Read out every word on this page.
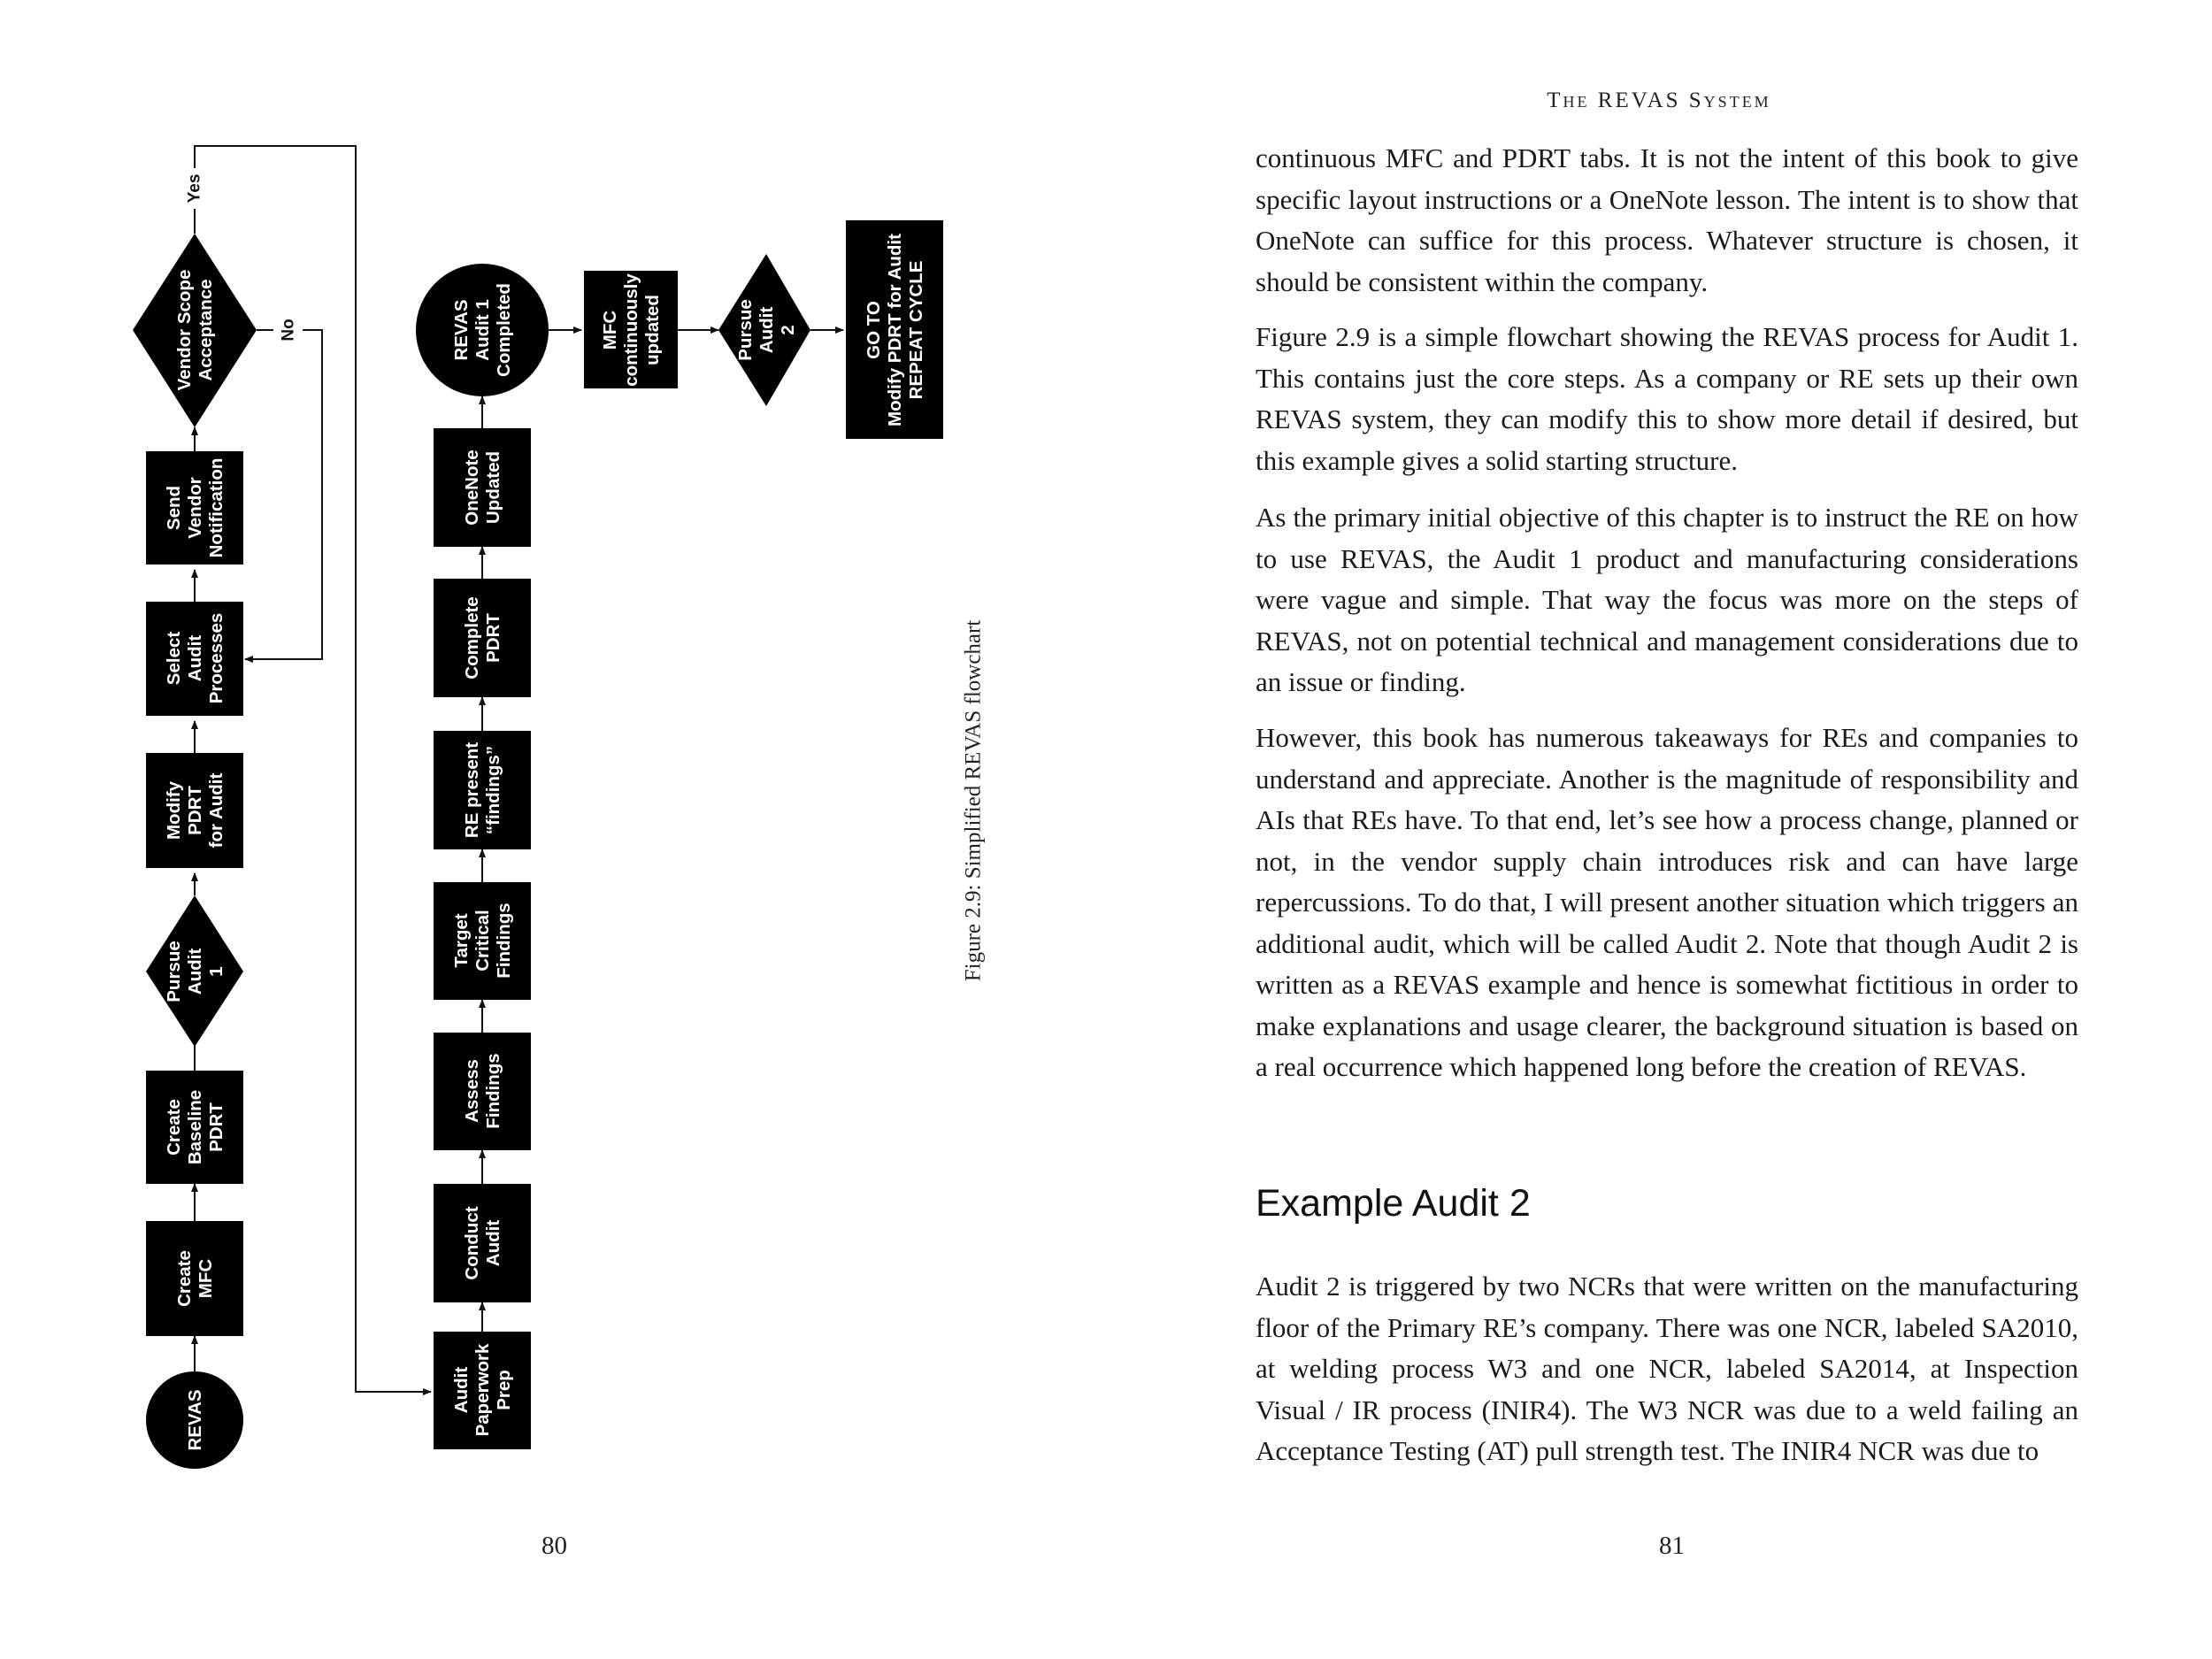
REVAS
CreateMFC
CreateBaselinePDRT
PursueAudit1
ModifyPDRTfor Audit
SelectAuditProcesses
SendVendorNotification
Vendor ScopeAcceptance
AuditPaperworkPrep
ConductAudit
AssessFindings
TargetCriticalFindings
RE present“findings”
CompletePDRT
OneNoteUpdated
REVASAudit 1Completed	MFCcontinuouslyupdated	PursueAudit2	GO TOModify PDRT for AuditREPEAT CYCLE
Yes
No
Figure 2.9: Simplified REVAS flowchart
80
The REVAS System

continuous MFC and PDRT tabs. It is not the intent of this book to give specific layout instructions or a OneNote lesson. The intent is to show that OneNote can suffice for this process. Whatever structure is chosen, it should be consistent within the company.

Figure 2.9 is a simple flowchart showing the REVAS process for Audit 1. This contains just the core steps. As a company or RE sets up their own REVAS system, they can modify this to show more detail if desired, but this example gives a solid starting structure.

As the primary initial objective of this chapter is to instruct the RE on how to use REVAS, the Audit 1 product and manufacturing considerations were vague and simple. That way the focus was more on the steps of REVAS, not on potential technical and management considerations due to an issue or finding.

However, this book has numerous takeaways for REs and companies to understand and appreciate. Another is the magnitude of responsibility and AIs that REs have. To that end, let’s see how a process change, planned or not, in the vendor supply chain introduces risk and can have large repercussions. To do that, I will present another situation which triggers an additional audit, which will be called Audit 2. Note that though Audit 2 is written as a REVAS example and hence is somewhat fictitious in order to make explanations and usage clearer, the background situation is based on a real occurrence which happened long before the creation of REVAS.

Example Audit 2

Audit 2 is triggered by two NCRs that were written on the manufacturing floor of the Primary RE’s company. There was one NCR, labeled SA2010, at welding process W3 and one NCR, labeled SA2014, at Inspection Visual / IR process (INIR4). The W3 NCR was due to a weld failing an Acceptance Testing (AT) pull strength test. The INIR4 NCR was due to

81
